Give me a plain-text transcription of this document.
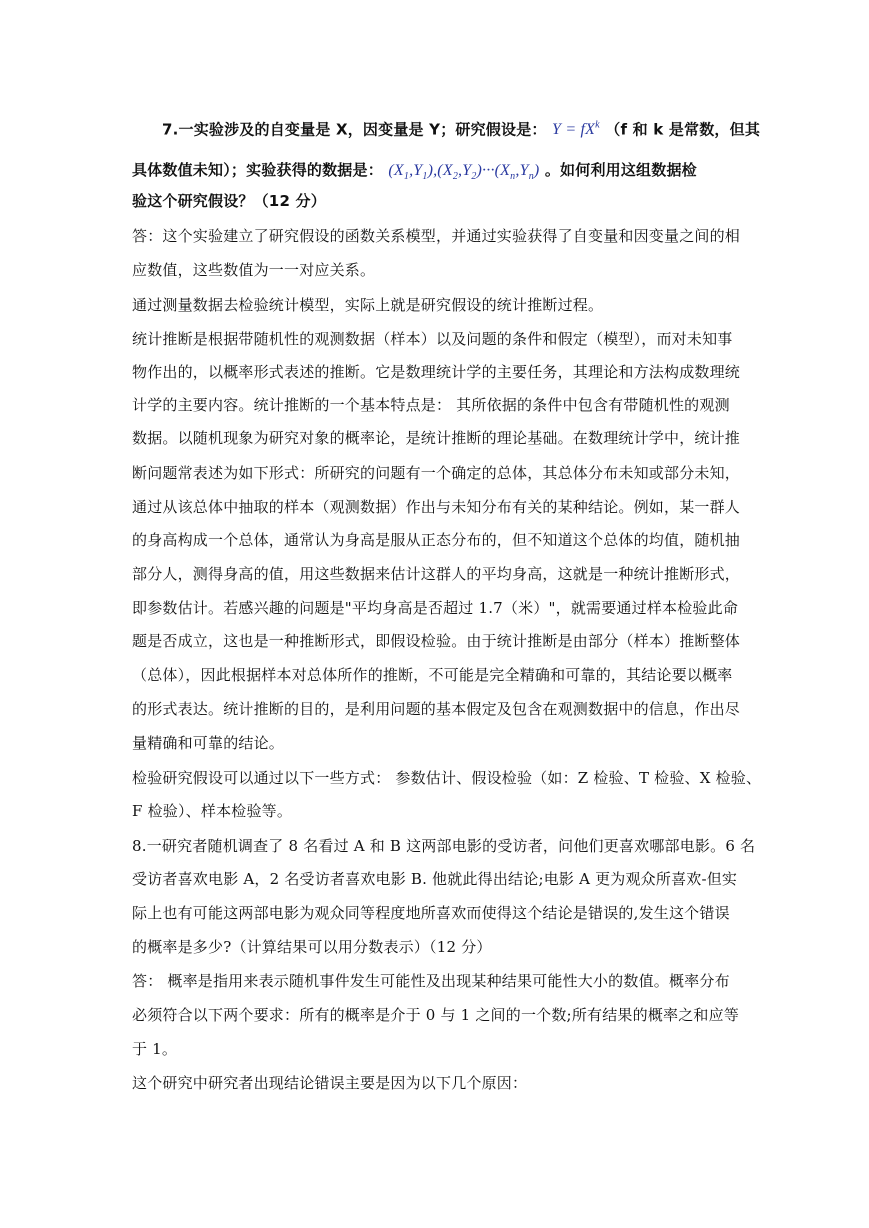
7.一实验涉及的自变量是 X，因变量是 Y；研究假设是： $Y = fX^k$ （f 和 k 是常数，但其
具体数值未知）；实验获得的数据是： $(X_1,Y_1),(X_2,Y_2)\cdot\cdot\cdot(X_n,Y_n)$ 。如何利用这组数据检
验这个研究假设？（12 分）
答：这个实验建立了研究假设的函数关系模型，并通过实验获得了自变量和因变量之间的相
应数值，这些数值为一一对应关系。
通过测量数据去检验统计模型，实际上就是研究假设的统计推断过程。
统计推断是根据带随机性的观测数据（样本）以及问题的条件和假定（模型），而对未知事
物作出的，以概率形式表述的推断。它是数理统计学的主要任务，其理论和方法构成数理统
计学的主要内容。统计推断的一个基本特点是： 其所依据的条件中包含有带随机性的观测
数据。以随机现象为研究对象的概率论，是统计推断的理论基础。在数理统计学中，统计推
断问题常表述为如下形式：所研究的问题有一个确定的总体，其总体分布未知或部分未知，
通过从该总体中抽取的样本（观测数据）作出与未知分布有关的某种结论。例如，某一群人
的身高构成一个总体，通常认为身高是服从正态分布的，但不知道这个总体的均值，随机抽
部分人，测得身高的值，用这些数据来估计这群人的平均身高，这就是一种统计推断形式，
即参数估计。若感兴趣的问题是"平均身高是否超过 1.7（米）"，就需要通过样本检验此命
题是否成立，这也是一种推断形式，即假设检验。由于统计推断是由部分（样本）推断整体
（总体），因此根据样本对总体所作的推断，不可能是完全精确和可靠的，其结论要以概率
的形式表达。统计推断的目的，是利用问题的基本假定及包含在观测数据中的信息，作出尽
量精确和可靠的结论。
检验研究假设可以通过以下一些方式： 参数估计、假设检验（如：Z 检验、T 检验、X 检验、
F 检验）、样本检验等。
8.一研究者随机调查了 8 名看过 A 和 B 这两部电影的受访者，问他们更喜欢哪部电影。6 名
受访者喜欢电影 A，2 名受访者喜欢电影 B. 他就此得出结论;电影 A 更为观众所喜欢-但实
际上也有可能这两部电影为观众同等程度地所喜欢而使得这个结论是错误的,发生这个错误
的概率是多少?（计算结果可以用分数表示）（12 分）
答： 概率是指用来表示随机事件发生可能性及出现某种结果可能性大小的数值。概率分布
必须符合以下两个要求：所有的概率是介于 0 与 1 之间的一个数;所有结果的概率之和应等
于 1。
这个研究中研究者出现结论错误主要是因为以下几个原因：
